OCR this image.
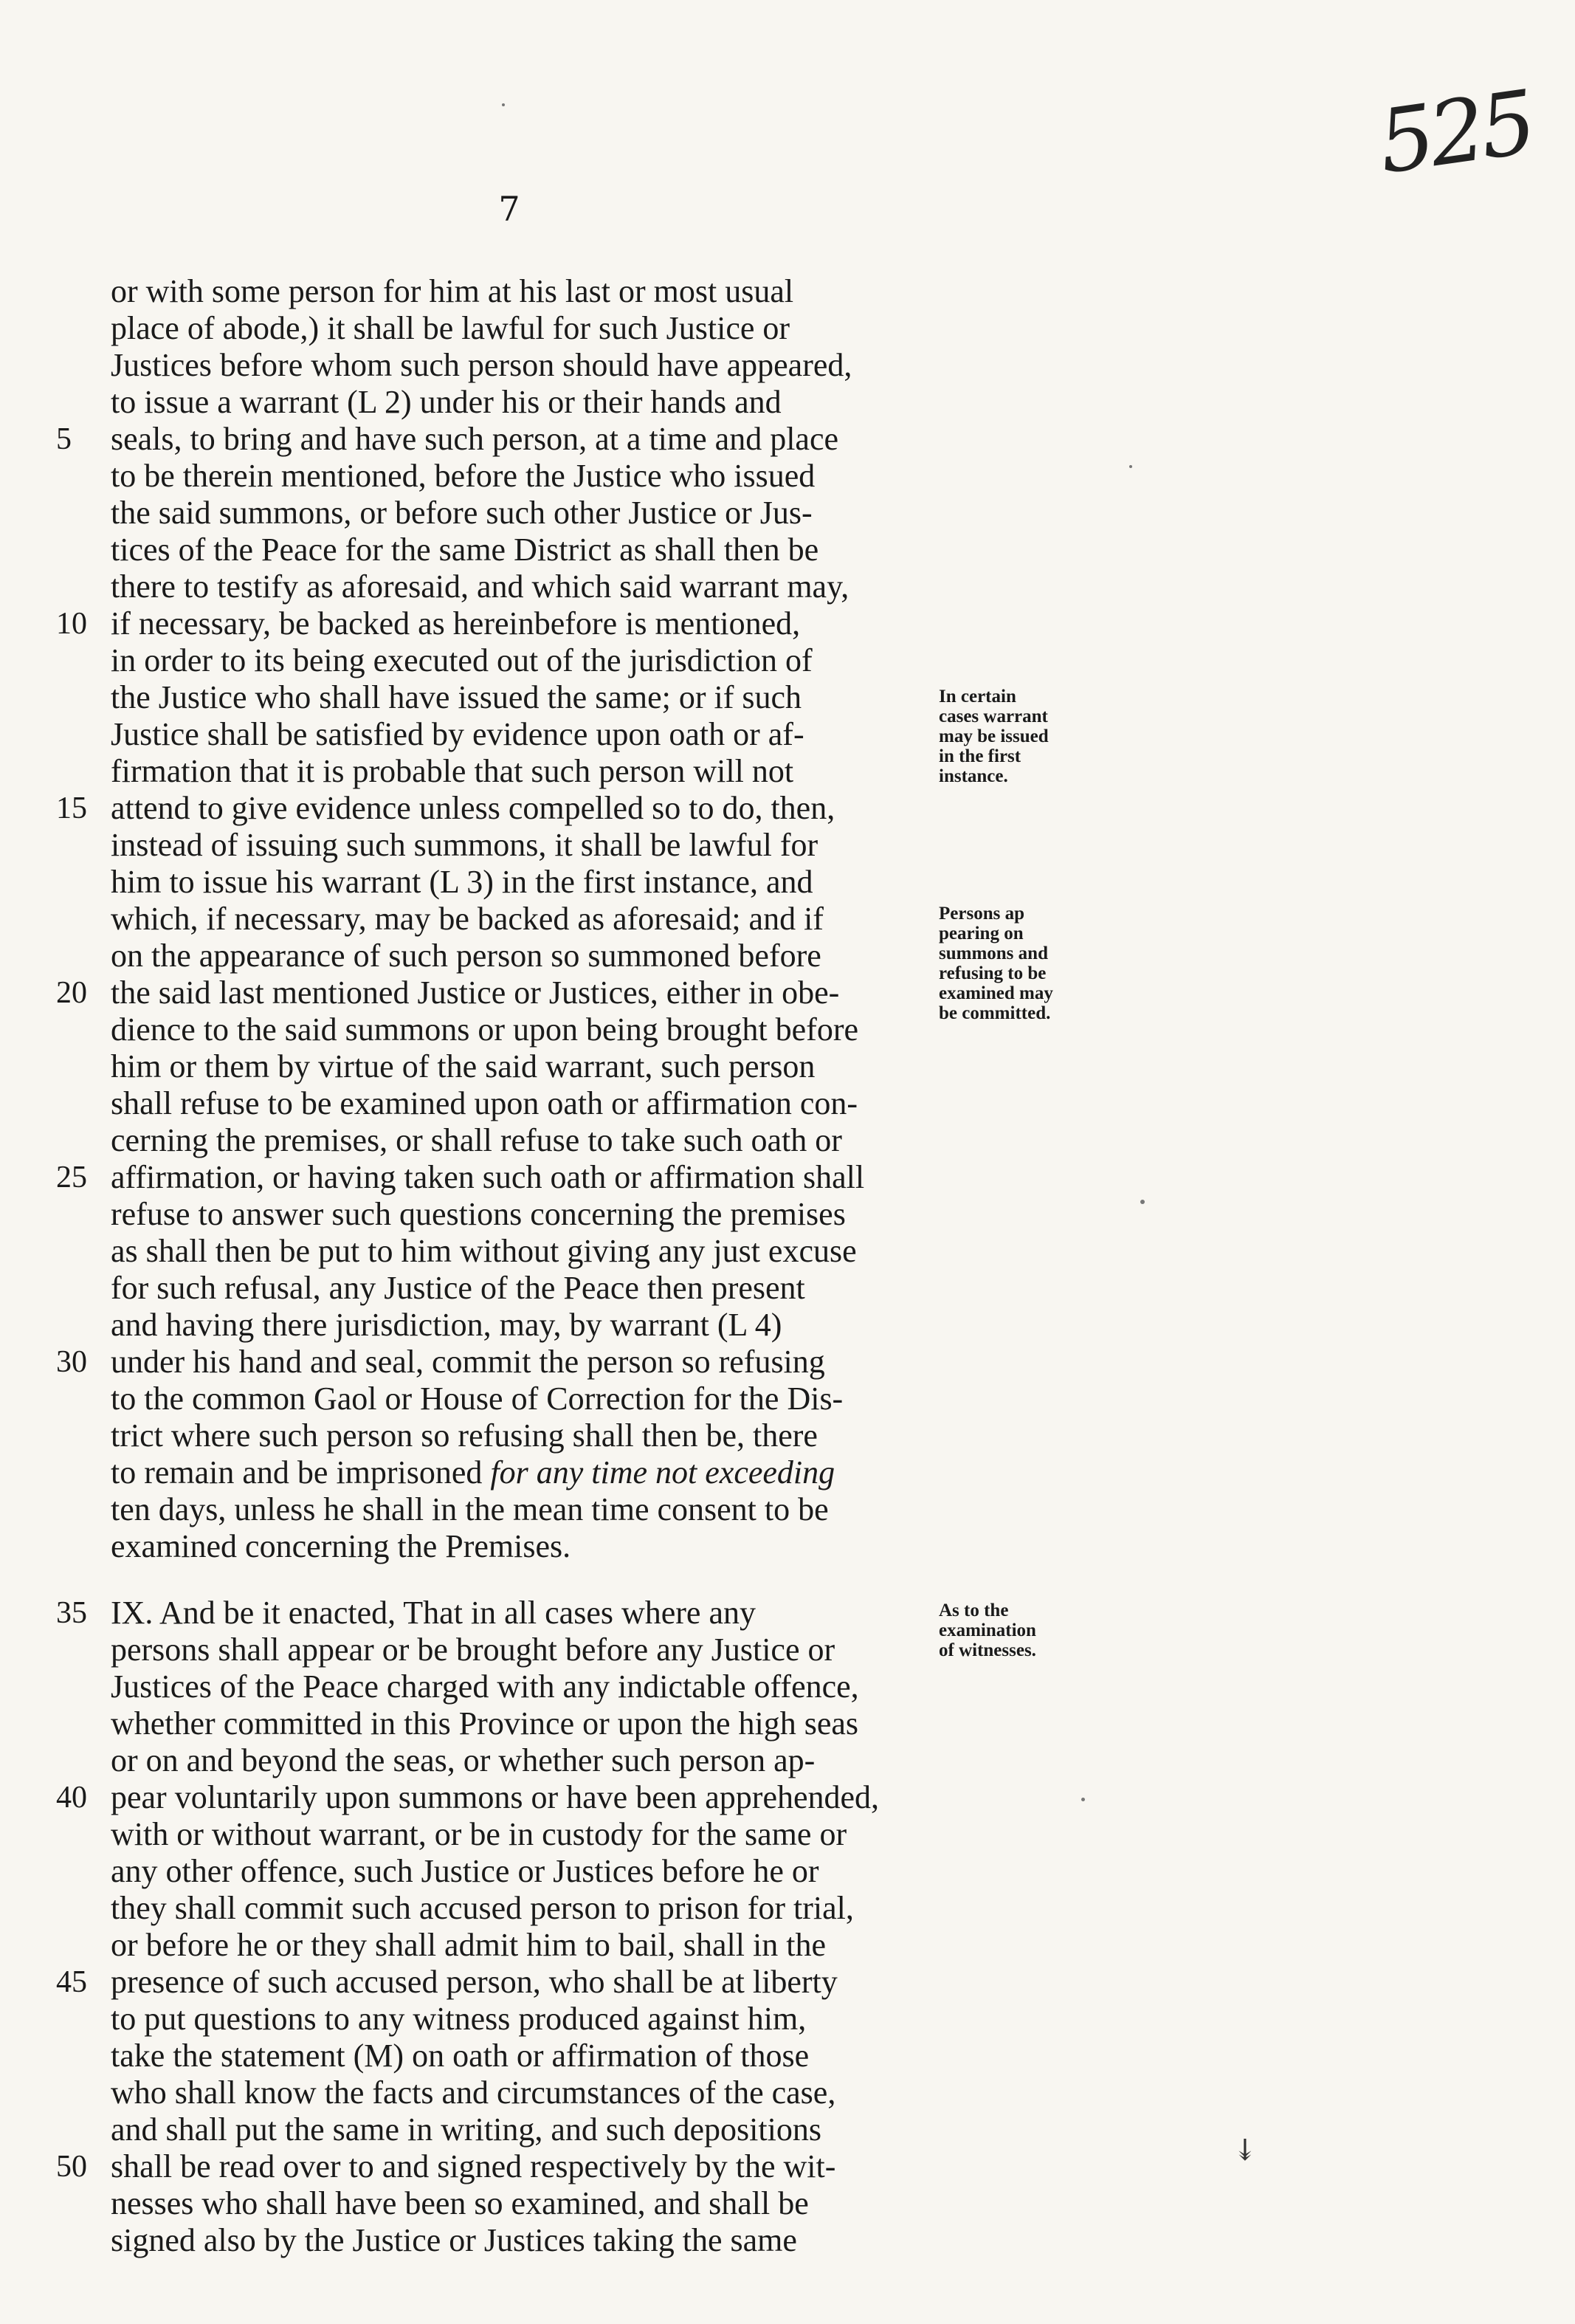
525
7
or with some person for him at his last or most usual
place of abode,) it shall be lawful for such Justice or
Justices before whom such person should have appeared,
to issue a warrant (L 2) under his or their hands and
seals, to bring and have such person, at a time and place
to be therein mentioned, before the Justice who issued
the said summons, or before such other Justice or Jus-
tices of the Peace for the same District as shall then be
there to testify as aforesaid, and which said warrant may,
if necessary, be backed as hereinbefore is mentioned,
in order to its being executed out of the jurisdiction of
the Justice who shall have issued the same; or if such
Justice shall be satisfied by evidence upon oath or af-
firmation that it is probable that such person will not
attend to give evidence unless compelled so to do, then,
instead of issuing such summons, it shall be lawful for
him to issue his warrant (L 3) in the first instance, and
which, if necessary, may be backed as aforesaid; and if
on the appearance of such person so summoned before
the said last mentioned Justice or Justices, either in obe-
dience to the said summons or upon being brought before
him or them by virtue of the said warrant, such person
shall refuse to be examined upon oath or affirmation con-
cerning the premises, or shall refuse to take such oath or
affirmation, or having taken such oath or affirmation shall
refuse to answer such questions concerning the premises
as shall then be put to him without giving any just excuse
for such refusal, any Justice of the Peace then present
and having there jurisdiction, may, by warrant (L 4)
under his hand and seal, commit the person so refusing
to the common Gaol or House of Correction for the Dis-
trict where such person so refusing shall then be, there
to remain and be imprisoned for any time not exceeding
ten days, unless he shall in the mean time consent to be
examined concerning the Premises.
IX. And be it enacted, That in all cases where any
persons shall appear or be brought before any Justice or
Justices of the Peace charged with any indictable offence,
whether committed in this Province or upon the high seas
or on and beyond the seas, or whether such person ap-
pear voluntarily upon summons or have been apprehended,
with or without warrant, or be in custody for the same or
any other offence, such Justice or Justices before he or
they shall commit such accused person to prison for trial,
or before he or they shall admit him to bail, shall in the
presence of such accused person, who shall be at liberty
to put questions to any witness produced against him,
take the statement (M) on oath or affirmation of those
who shall know the facts and circumstances of the case,
and shall put the same in writing, and such depositions
shall be read over to and signed respectively by the wit-
nesses who shall have been so examined, and shall be
signed also by the Justice or Justices taking the same
5
10
15
20
25
30
35
40
45
50
In certain
cases warrant
may be issued
in the first
instance.
Persons ap
pearing on
summons and
refusing to be
examined may
be committed.
As to the
examination
of witnesses.
↡
